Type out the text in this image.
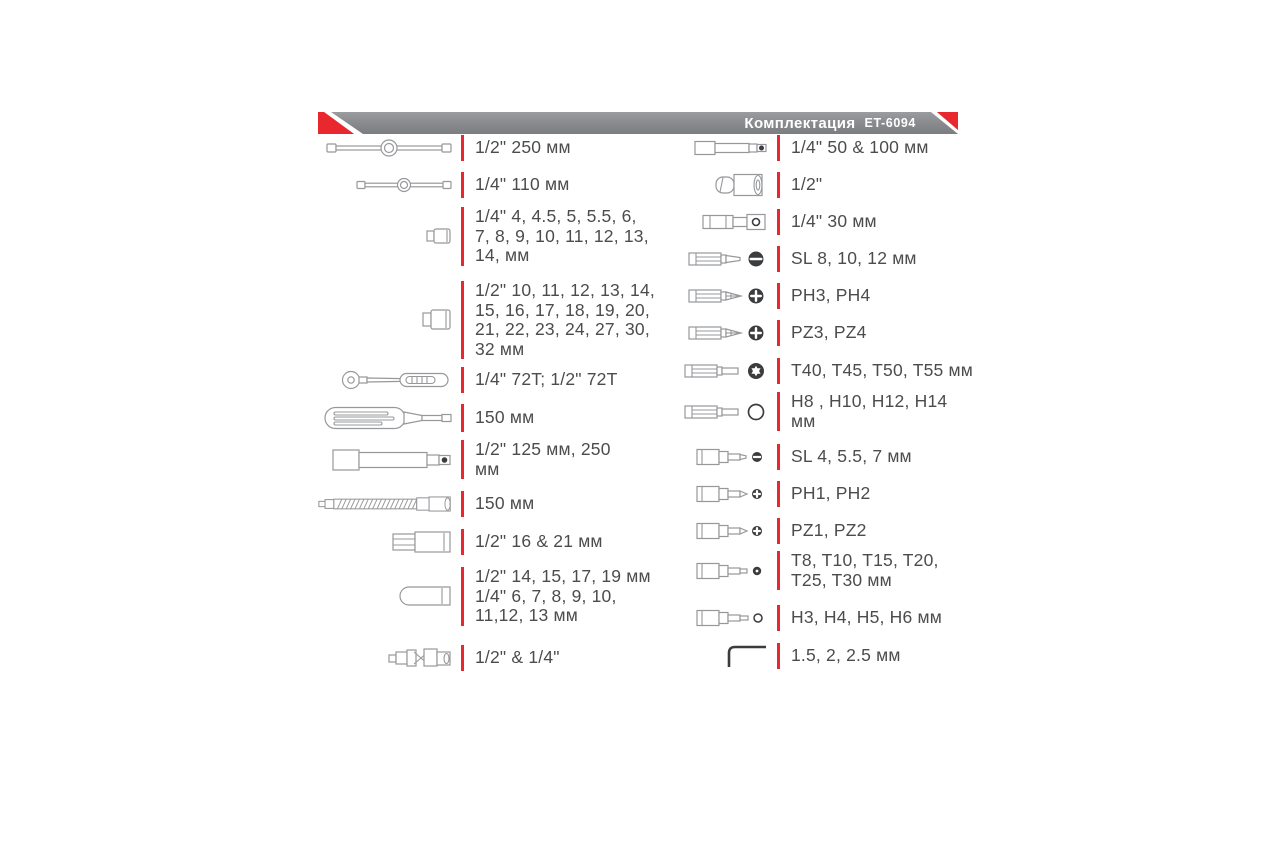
Комплектация ET-6094
1/2" 250 мм
1/4" 110 мм
1/4" 4, 4.5, 5, 5.5, 6,
7, 8, 9, 10, 11, 12, 13,
14, мм
1/2" 10, 11, 12, 13, 14,
15, 16, 17, 18, 19, 20,
21, 22, 23, 24, 27, 30,
32 мм
1/4" 72T; 1/2" 72T
150 мм
1/2" 125 мм, 250
мм
150 мм
1/2" 16 & 21 мм
1/2" 14, 15, 17, 19 мм
1/4" 6, 7, 8, 9, 10,
11,12, 13 мм
1/2" & 1/4"
1/4" 50 & 100 мм
1/2"
1/4" 30 мм
SL 8, 10, 12 мм
PH3, PH4
PZ3, PZ4
T40, T45, T50, T55 мм
H8 , H10, H12, H14
мм
SL 4, 5.5, 7 мм
PH1, PH2
PZ1, PZ2
T8, T10, T15, T20,
T25, T30 мм
H3, H4, H5, H6 мм
1.5, 2, 2.5 мм
